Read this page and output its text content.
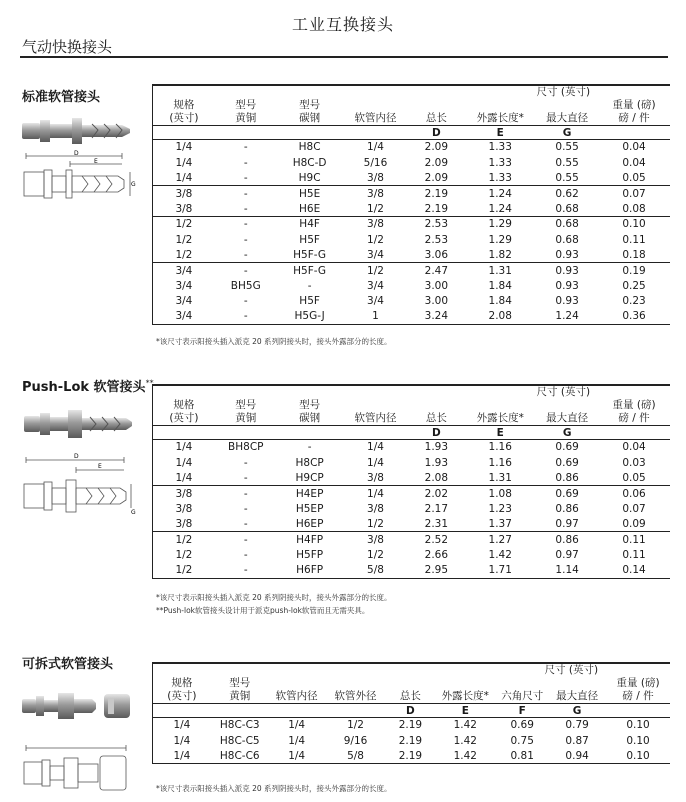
工业互换接头
气动快换接头
标准软管接头
D
E
G
				尺寸 (英寸)			
规格	型号	型号					重量 (磅)
(英寸)	黄铜	碳钢	软管内径	总长	外露长度*	最大直径	磅 / 件
				D	E	G	
1/4	-	H8C	1/4	2.09	1.33	0.55	0.04
1/4	-	H8C-D	5/16	2.09	1.33	0.55	0.04
1/4	-	H9C	3/8	2.09	1.33	0.55	0.05
3/8	-	H5E	3/8	2.19	1.24	0.62	0.07
3/8	-	H6E	1/2	2.19	1.24	0.68	0.08
1/2	-	H4F	3/8	2.53	1.29	0.68	0.10
1/2	-	H5F	1/2	2.53	1.29	0.68	0.11
1/2	-	H5F-G	3/4	3.06	1.82	0.93	0.18
3/4	-	H5F-G	1/2	2.47	1.31	0.93	0.19
3/4	BH5G	-	3/4	3.00	1.84	0.93	0.25
3/4	-	H5F	3/4	3.00	1.84	0.93	0.23
3/4	-	H5G-J	1	3.24	2.08	1.24	0.36
*该尺寸表示阳接头插入派克 20 系列阴接头时，接头外露部分的长度。
Push-Lok 软管接头**
D
E
G
				尺寸 (英寸)			
规格	型号	型号					重量 (磅)
(英寸)	黄铜	碳钢	软管内径	总长	外露长度*	最大直径	磅 / 件
				D	E	G	
1/4	BH8CP	-	1/4	1.93	1.16	0.69	0.04
1/4	-	H8CP	1/4	1.93	1.16	0.69	0.03
1/4	-	H9CP	3/8	2.08	1.31	0.86	0.05
3/8	-	H4EP	1/4	2.02	1.08	0.69	0.06
3/8	-	H5EP	3/8	2.17	1.23	0.86	0.07
3/8	-	H6EP	1/2	2.31	1.37	0.97	0.09
1/2	-	H4FP	3/8	2.52	1.27	0.86	0.11
1/2	-	H5FP	1/2	2.66	1.42	0.97	0.11
1/2	-	H6FP	5/8	2.95	1.71	1.14	0.14
*该尺寸表示阳接头插入派克 20 系列阴接头时，接头外露部分的长度。
**Push-lok软管接头设计用于派克push-lok软管而且无需夹具。
可拆式软管接头
					尺寸 (英寸)				
规格	型号							重量 (磅)
(英寸)	黄铜	软管内径	软管外径	总长	外露长度*	六角尺寸	最大直径	磅 / 件
				D	E	F	G	
1/4	H8C-C3	1/4	1/2	2.19	1.42	0.69	0.79	0.10
1/4	H8C-C5	1/4	9/16	2.19	1.42	0.75	0.87	0.10
1/4	H8C-C6	1/4	5/8	2.19	1.42	0.81	0.94	0.10
*该尺寸表示阳接头插入派克 20 系列阴接头时，接头外露部分的长度。
